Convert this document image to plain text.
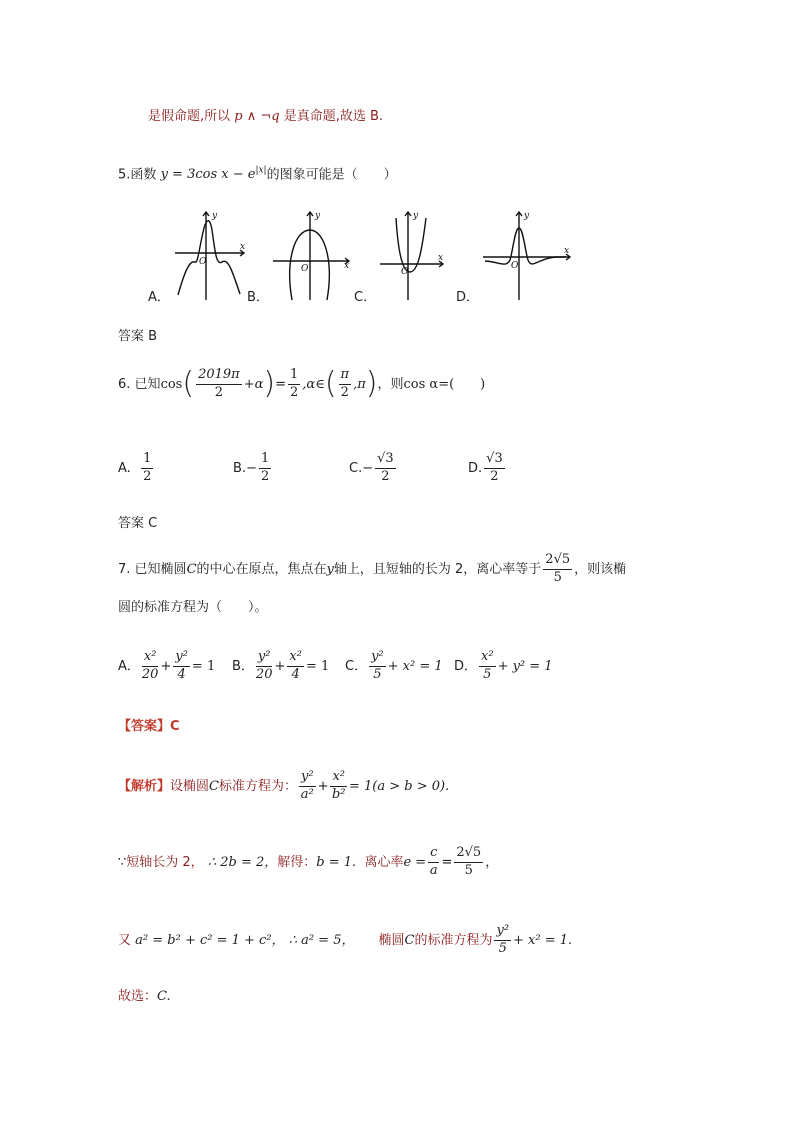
是假命题,所以 p ∧ ¬q 是真命题,故选 B.
5.函数 y = 3cos $x - e^{|x|}$的图象可能是（　　）
y
x
O
y
x
O
y
x
O
y
x
O
A．	B．	C．	D．
答案 B
6.
已知 cos ( $\frac{2019\pi}{2} +\alpha$ ) = $\frac{1}{2}$ ,α∈ ( $\frac{\pi}{2} ,\pi$ ) ，则 cos α=(　　)
A.
$\frac{1}{2}$	B. − $\frac{1}{2}$	C. − $\frac{√3}{2}$	D. $\frac{√3}{2}$
答案 C
7.
已知椭圆 C 的中心在原点，焦点在 y 轴上，且短轴的长为 2，离心率等于 $\frac{2√5}{5}$ ，则该椭
圆的标准方程为（　　）。
A． $\frac{\text{x²}}{20} + \frac{\text{y²}}{4} = 1$ B． $\frac{\text{y²}}{20} + \frac{\text{x²}}{4} = 1$ C． $\frac{\text{y²}}{5} + x^2 = 1$ D． $\frac{\text{x²}}{5} + y^2 = 1$
【答案】C
【解析】 设椭圆 C 标准方程为： $\frac{\text{y²}}{\text{a²}} + \frac{\text{x²}}{\text{b²}} = 1(a > b > 0)$.
∵ 短轴长为 2，
∴ 2b = 2， 解得： b = 1.
离心率 $e = \frac{c}{a} = \frac{2√5}{5}$ ，
又
a² = b² + c² = 1 + c²，
∴ a² = 5， 椭圆 C 的标准方程为 $\frac{\text{y²}}{5} + x^2 = 1$.
故选：C.
